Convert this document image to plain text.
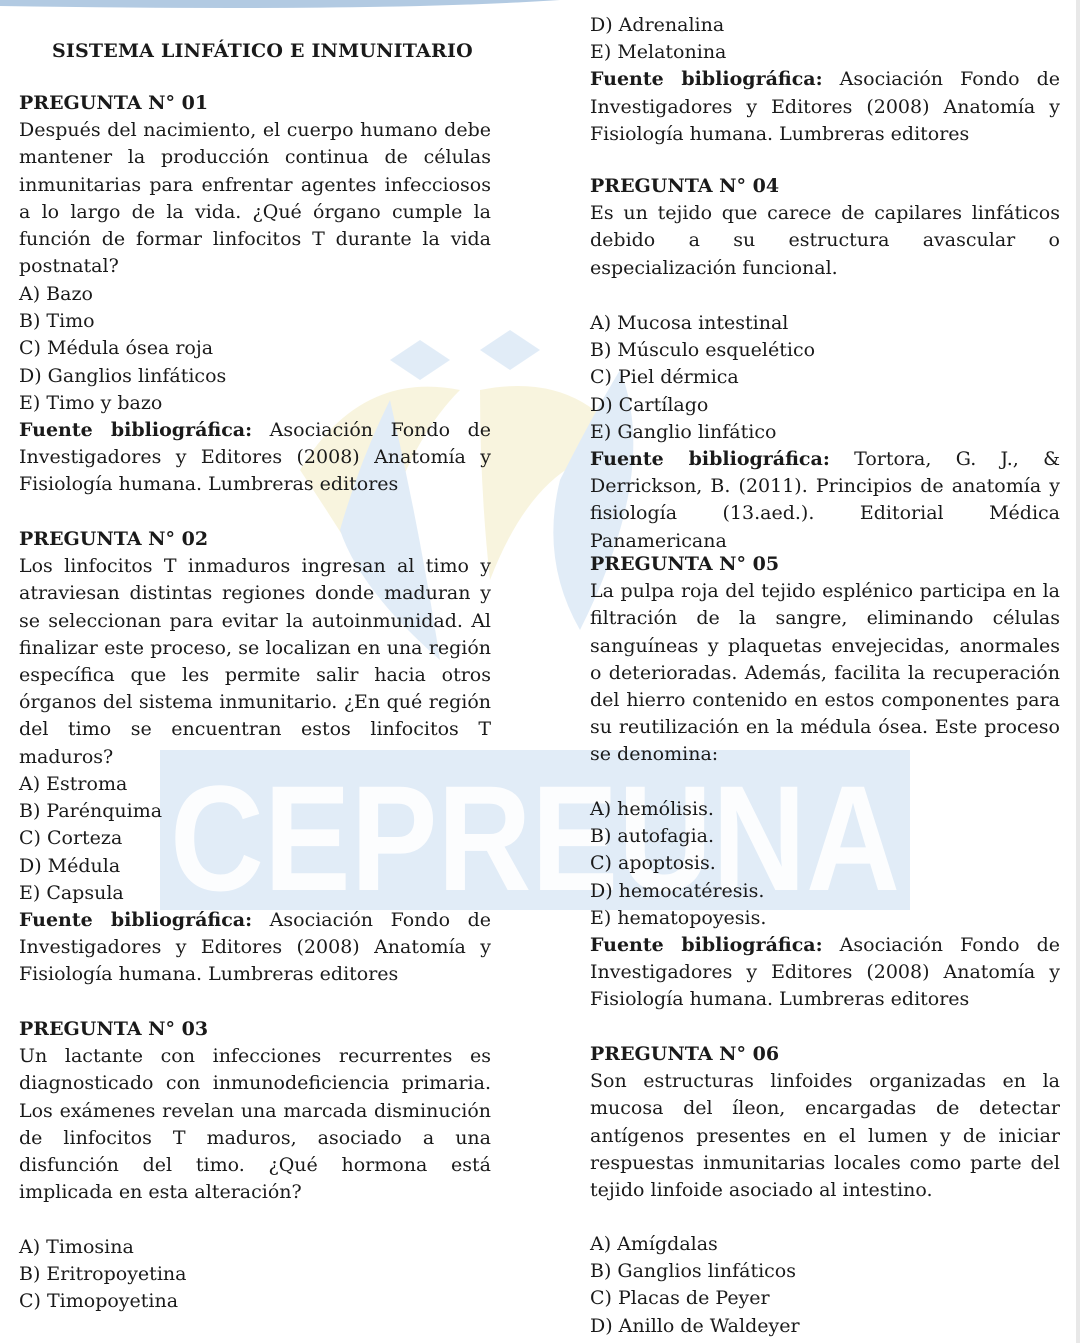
CEPREUNA
SISTEMA LINFÁTICO E INMUNITARIO

PREGUNTA N° 01

Después del nacimiento, el cuerpo humano debe mantener la producción continua de células inmunitarias para enfrentar agentes infecciosos a lo largo de la vida. ¿Qué órgano cumple la función de formar linfocitos T durante la vida postnatal?

A) Bazo

B) Timo

C) Médula ósea roja

D) Ganglios linfáticos

E) Timo y bazo

Fuente bibliográfica: Asociación Fondo de Investigadores y Editores (2008) Anatomía y Fisiología humana. Lumbreras editores

PREGUNTA N° 02

Los linfocitos T inmaduros ingresan al timo y atraviesan distintas regiones donde maduran y se seleccionan para evitar la autoinmunidad. Al finalizar este proceso, se localizan en una región específica que les permite salir hacia otros órganos del sistema inmunitario. ¿En qué región del timo se encuentran estos linfocitos T maduros?

A) Estroma

B) Parénquima

C) Corteza

D) Médula

E) Capsula

Fuente bibliográfica: Asociación Fondo de Investigadores y Editores (2008) Anatomía y Fisiología humana. Lumbreras editores

PREGUNTA N° 03

Un lactante con infecciones recurrentes es diagnosticado con inmunodeficiencia primaria. Los exámenes revelan una marcada disminución de linfocitos T maduros, asociado a una disfunción del timo. ¿Qué hormona está implicada en esta alteración?

A) Timosina

B) Eritropoyetina

C) Timopoyetina

D) Adrenalina

E) Melatonina

Fuente bibliográfica: Asociación Fondo de Investigadores y Editores (2008) Anatomía y Fisiología humana. Lumbreras editores

PREGUNTA N° 04

Es un tejido que carece de capilares linfáticos debido a su estructura avascular o especialización funcional.

A) Mucosa intestinal

B) Músculo esquelético

C) Piel dérmica

D) Cartílago

E) Ganglio linfático

Fuente bibliográfica: Tortora, G. J., & Derrickson, B. (2011). Principios de anatomía y fisiología (13.aed.). Editorial Médica Panamericana

PREGUNTA N° 05

La pulpa roja del tejido esplénico participa en la filtración de la sangre, eliminando células sanguíneas y plaquetas envejecidas, anormales o deterioradas. Además, facilita la recuperación del hierro contenido en estos componentes para su reutilización en la médula ósea. Este proceso se denomina:

A) hemólisis.

B) autofagia.

C) apoptosis.

D) hemocatéresis.

E) hematopoyesis.

Fuente bibliográfica: Asociación Fondo de Investigadores y Editores (2008) Anatomía y Fisiología humana. Lumbreras editores

PREGUNTA N° 06

Son estructuras linfoides organizadas en la mucosa del íleon, encargadas de detectar antígenos presentes en el lumen y de iniciar respuestas inmunitarias locales como parte del tejido linfoide asociado al intestino.

A) Amígdalas

B) Ganglios linfáticos

C) Placas de Peyer

D) Anillo de Waldeyer
